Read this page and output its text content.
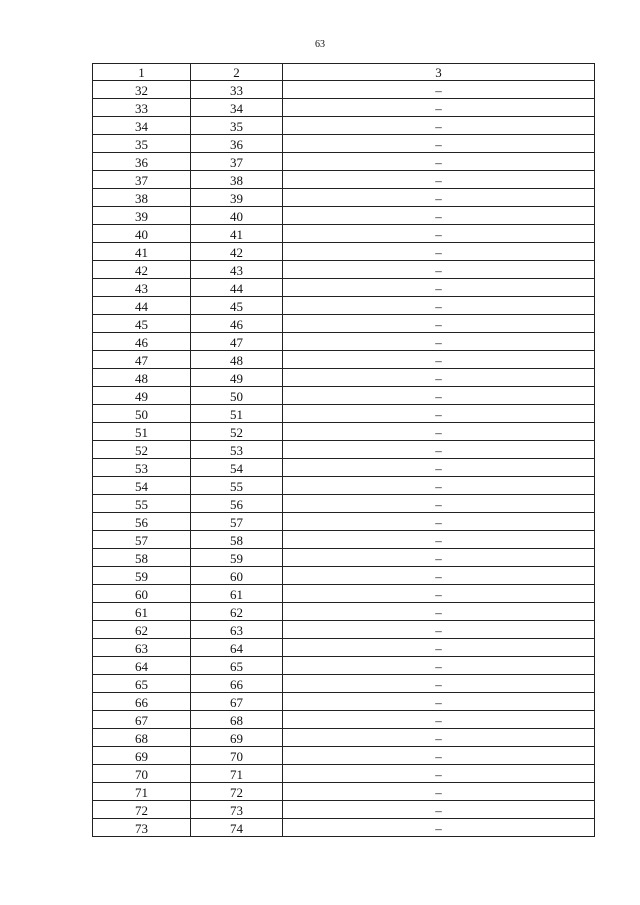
63
1	2	3
32	33	–
33	34	–
34	35	–
35	36	–
36	37	–
37	38	–
38	39	–
39	40	–
40	41	–
41	42	–
42	43	–
43	44	–
44	45	–
45	46	–
46	47	–
47	48	–
48	49	–
49	50	–
50	51	–
51	52	–
52	53	–
53	54	–
54	55	–
55	56	–
56	57	–
57	58	–
58	59	–
59	60	–
60	61	–
61	62	–
62	63	–
63	64	–
64	65	–
65	66	–
66	67	–
67	68	–
68	69	–
69	70	–
70	71	–
71	72	–
72	73	–
73	74	–
